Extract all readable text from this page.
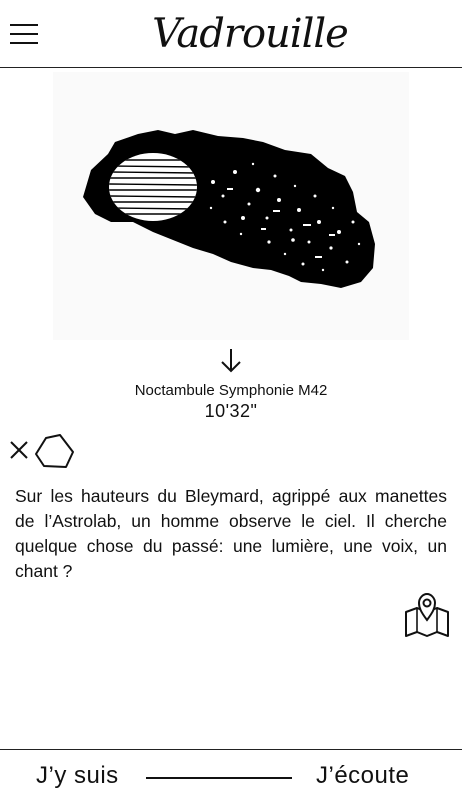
Vadrouille
Noctambule Symphonie M42
10'32"
Sur les hauteurs du Bleymard, agrippé aux manettes de l’Astrolab, un homme observe le ciel. Il cherche quelque chose du passé: une lumière, une voix, un chant ?
J’y suis	J’écoute
